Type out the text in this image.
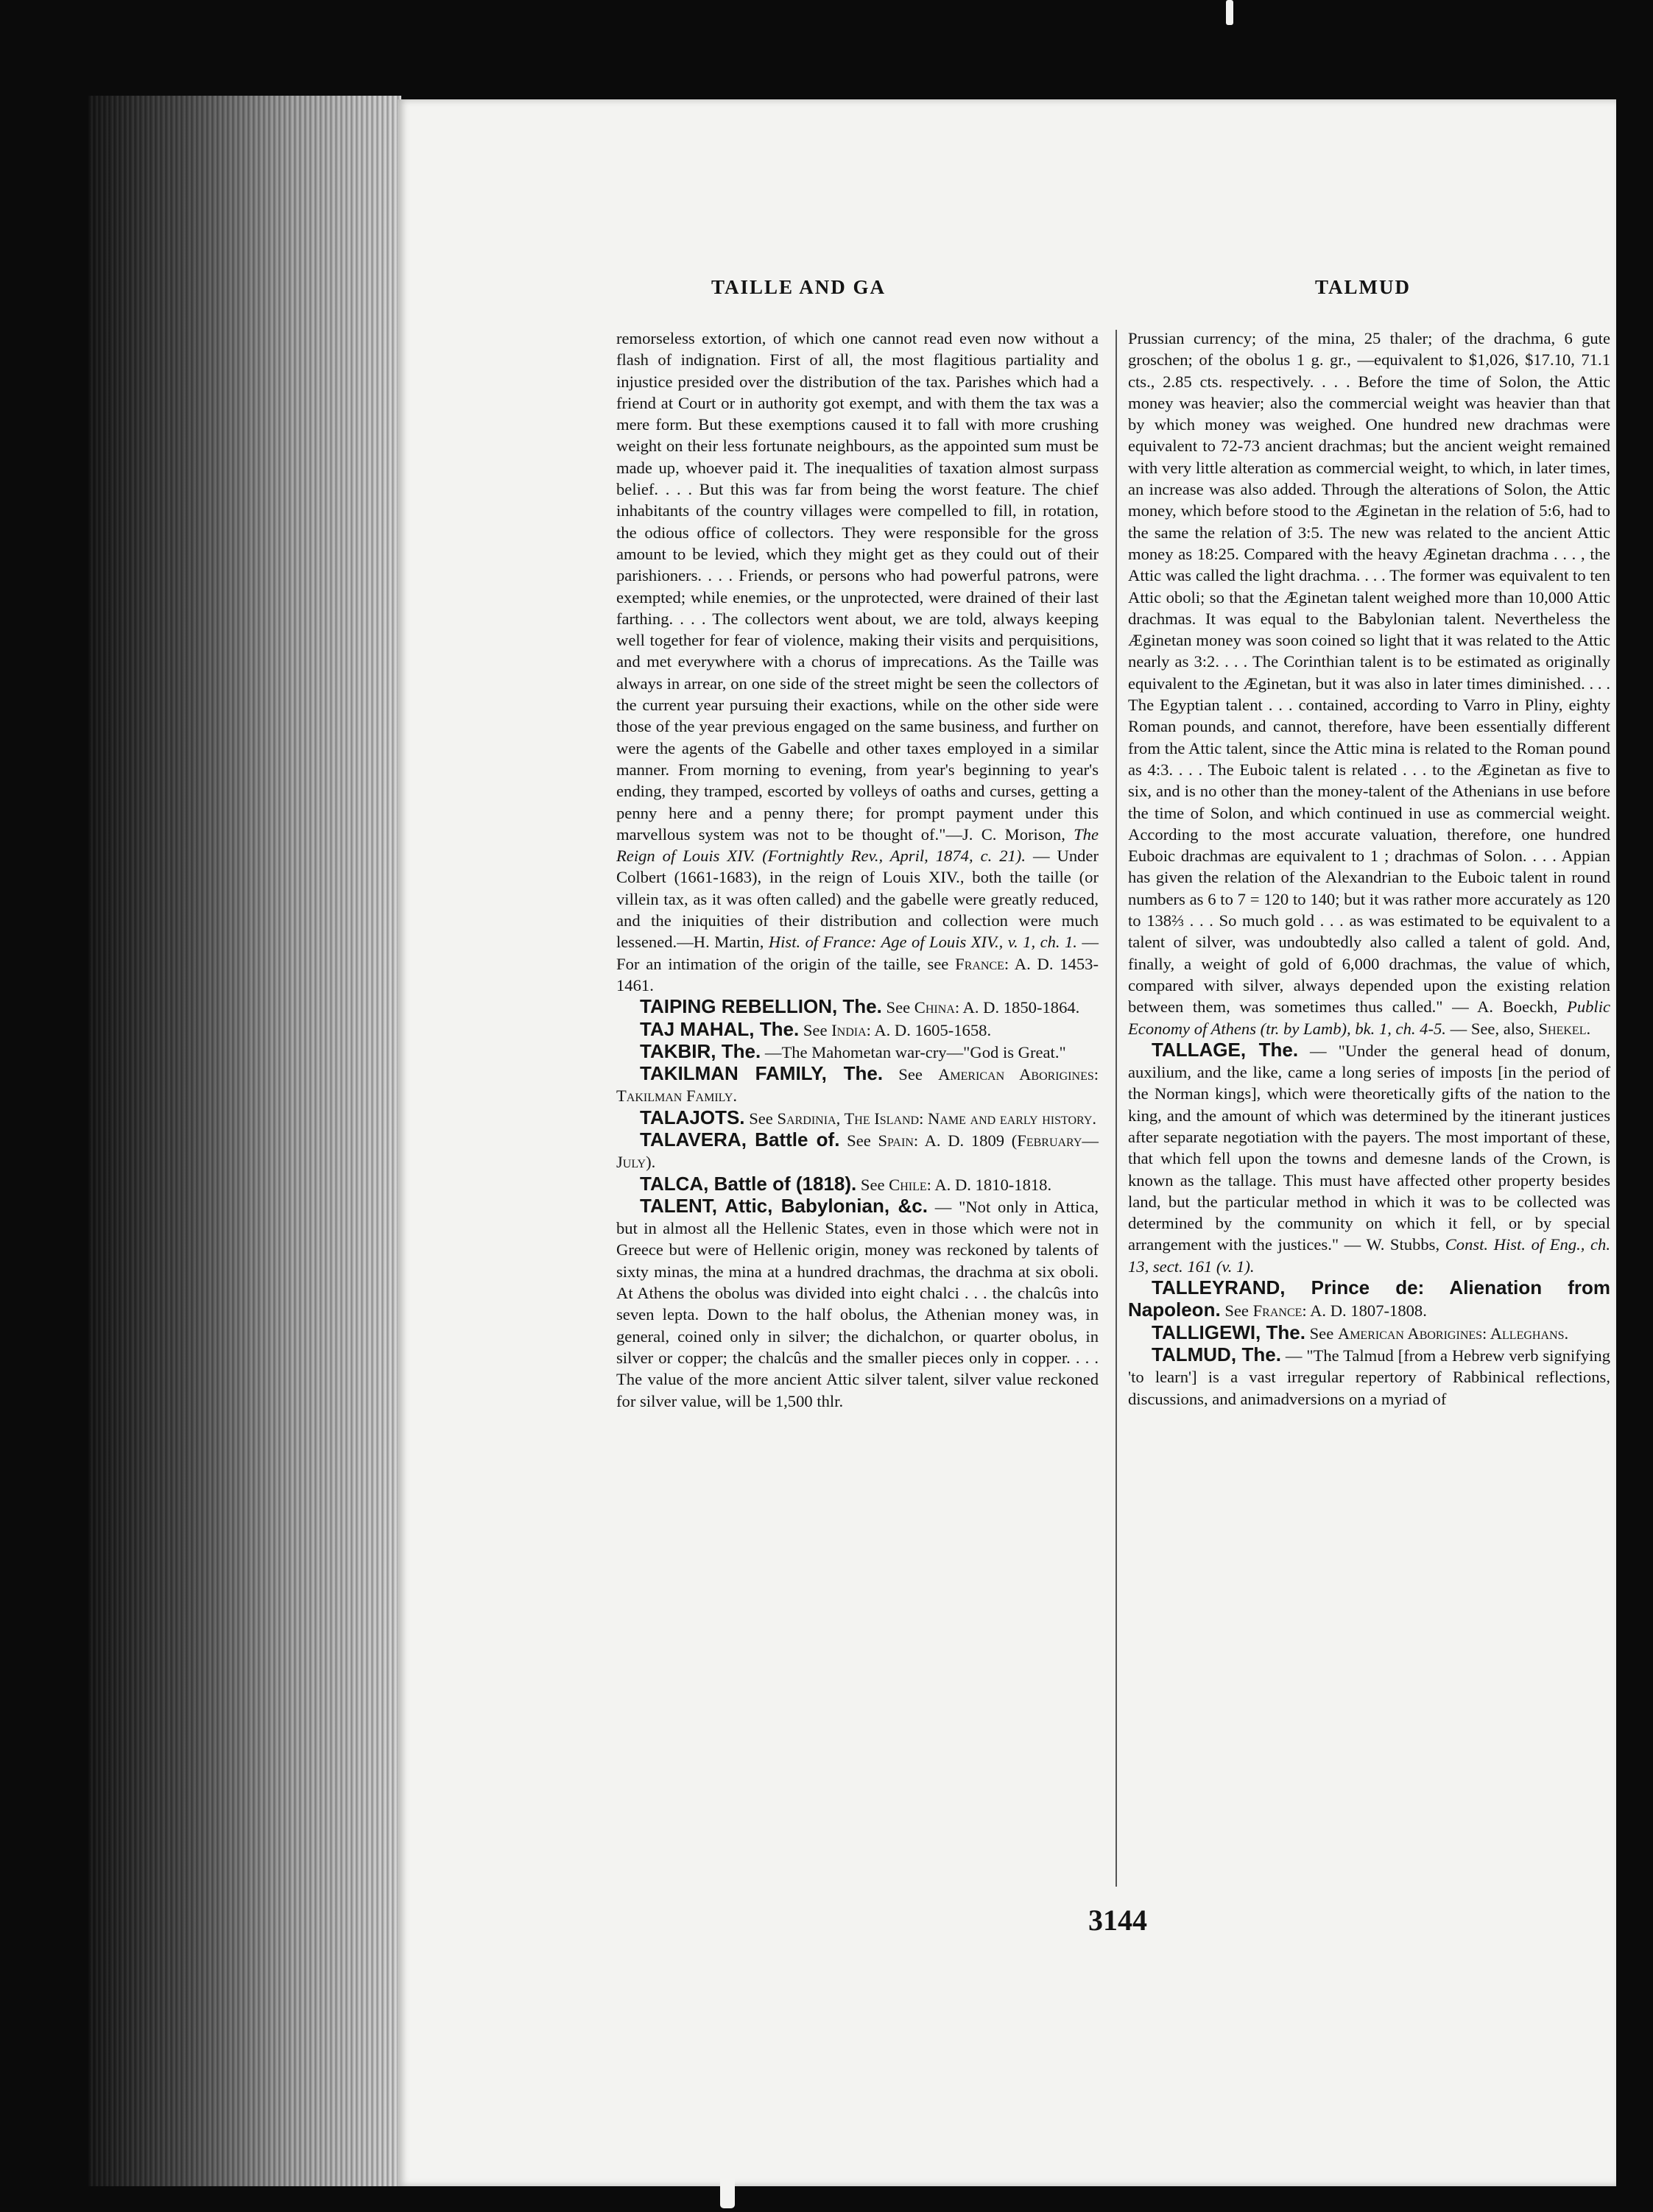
TAILLE AND GA	TALMUD

remorseless extortion, of which one cannot read even now without a flash of indignation. First of all, the most flagitious partiality and injustice presided over the distribution of the tax. Parishes which had a friend at Court or in authority got exempt, and with them the tax was a mere form. But these exemptions caused it to fall with more crushing weight on their less fortunate neighbours, as the appointed sum must be made up, whoever paid it. The inequalities of taxation almost surpass belief. . . . But this was far from being the worst feature. The chief inhabitants of the country villages were compelled to fill, in rotation, the odious office of collectors. They were responsible for the gross amount to be levied, which they might get as they could out of their parishioners. . . . Friends, or persons who had powerful patrons, were exempted; while enemies, or the unprotected, were drained of their last farthing. . . . The collectors went about, we are told, always keeping well together for fear of violence, making their visits and perquisitions, and met everywhere with a chorus of imprecations. As the Taille was always in arrear, on one side of the street might be seen the collectors of the current year pursuing their exactions, while on the other side were those of the year previous engaged on the same business, and further on were the agents of the Gabelle and other taxes employed in a similar manner. From morning to evening, from year's beginning to year's ending, they tramped, escorted by volleys of oaths and curses, getting a penny here and a penny there; for prompt payment under this marvellous system was not to be thought of."—J. C. Morison, The Reign of Louis XIV. (Fortnightly Rev., April, 1874, c. 21). — Under Colbert (1661-1683), in the reign of Louis XIV., both the taille (or villein tax, as it was often called) and the gabelle were greatly reduced, and the iniquities of their distribution and collection were much lessened.—H. Martin, Hist. of France: Age of Louis XIV., v. 1, ch. 1. — For an intimation of the origin of the taille, see France: A. D. 1453-1461.

TAIPING REBELLION, The. See China: A. D. 1850-1864.

TAJ MAHAL, The. See India: A. D. 1605-1658.

TAKBIR, The. —The Mahometan war-cry—"God is Great."

TAKILMAN FAMILY, The. See American Aborigines: Takilman Family.

TALAJOTS. See Sardinia, The Island: Name and early history.

TALAVERA, Battle of. See Spain: A. D. 1809 (February—July).

TALCA, Battle of (1818). See Chile: A. D. 1810-1818.

TALENT, Attic, Babylonian, &c. — "Not only in Attica, but in almost all the Hellenic States, even in those which were not in Greece but were of Hellenic origin, money was reckoned by talents of sixty minas, the mina at a hundred drachmas, the drachma at six oboli. At Athens the obolus was divided into eight chalci . . . the chalcûs into seven lepta. Down to the half obolus, the Athenian money was, in general, coined only in silver; the dichalchon, or quarter obolus, in silver or copper; the chalcûs and the smaller pieces only in copper. . . . The value of the more ancient Attic silver talent, silver value reckoned for silver value, will be 1,500 thlr.

Prussian currency; of the mina, 25 thaler; of the drachma, 6 gute groschen; of the obolus 1 g. gr., —equivalent to $1,026, $17.10, 71.1 cts., 2.85 cts. respectively. . . . Before the time of Solon, the Attic money was heavier; also the commercial weight was heavier than that by which money was weighed. One hundred new drachmas were equivalent to 72-73 ancient drachmas; but the ancient weight remained with very little alteration as commercial weight, to which, in later times, an increase was also added. Through the alterations of Solon, the Attic money, which before stood to the Æginetan in the relation of 5:6, had to the same the relation of 3:5. The new was related to the ancient Attic money as 18:25. Compared with the heavy Æginetan drachma . . . , the Attic was called the light drachma. . . . The former was equivalent to ten Attic oboli; so that the Æginetan talent weighed more than 10,000 Attic drachmas. It was equal to the Babylonian talent. Nevertheless the Æginetan money was soon coined so light that it was related to the Attic nearly as 3:2. . . . The Corinthian talent is to be estimated as originally equivalent to the Æginetan, but it was also in later times diminished. . . . The Egyptian talent . . . contained, according to Varro in Pliny, eighty Roman pounds, and cannot, therefore, have been essentially different from the Attic talent, since the Attic mina is related to the Roman pound as 4:3. . . . The Euboic talent is related . . . to the Æginetan as five to six, and is no other than the money-talent of the Athenians in use before the time of Solon, and which continued in use as commercial weight. According to the most accurate valuation, therefore, one hundred Euboic drachmas are equivalent to 1 ; drachmas of Solon. . . . Appian has given the relation of the Alexandrian to the Euboic talent in round numbers as 6 to 7 = 120 to 140; but it was rather more accurately as 120 to 138⅔ . . . So much gold . . . as was estimated to be equivalent to a talent of silver, was undoubtedly also called a talent of gold. And, finally, a weight of gold of 6,000 drachmas, the value of which, compared with silver, always depended upon the existing relation between them, was sometimes thus called." — A. Boeckh, Public Economy of Athens (tr. by Lamb), bk. 1, ch. 4-5. — See, also, Shekel.

TALLAGE, The. — "Under the general head of donum, auxilium, and the like, came a long series of imposts [in the period of the Norman kings], which were theoretically gifts of the nation to the king, and the amount of which was determined by the itinerant justices after separate negotiation with the payers. The most important of these, that which fell upon the towns and demesne lands of the Crown, is known as the tallage. This must have affected other property besides land, but the particular method in which it was to be collected was determined by the community on which it fell, or by special arrangement with the justices." — W. Stubbs, Const. Hist. of Eng., ch. 13, sect. 161 (v. 1).

TALLEYRAND, Prince de: Alienation from Napoleon. See France: A. D. 1807-1808.

TALLIGEWI, The. See American Aborigines: Alleghans.

TALMUD, The. — "The Talmud [from a Hebrew verb signifying 'to learn'] is a vast irregular repertory of Rabbinical reflections, discussions, and animadversions on a myriad of

3144
